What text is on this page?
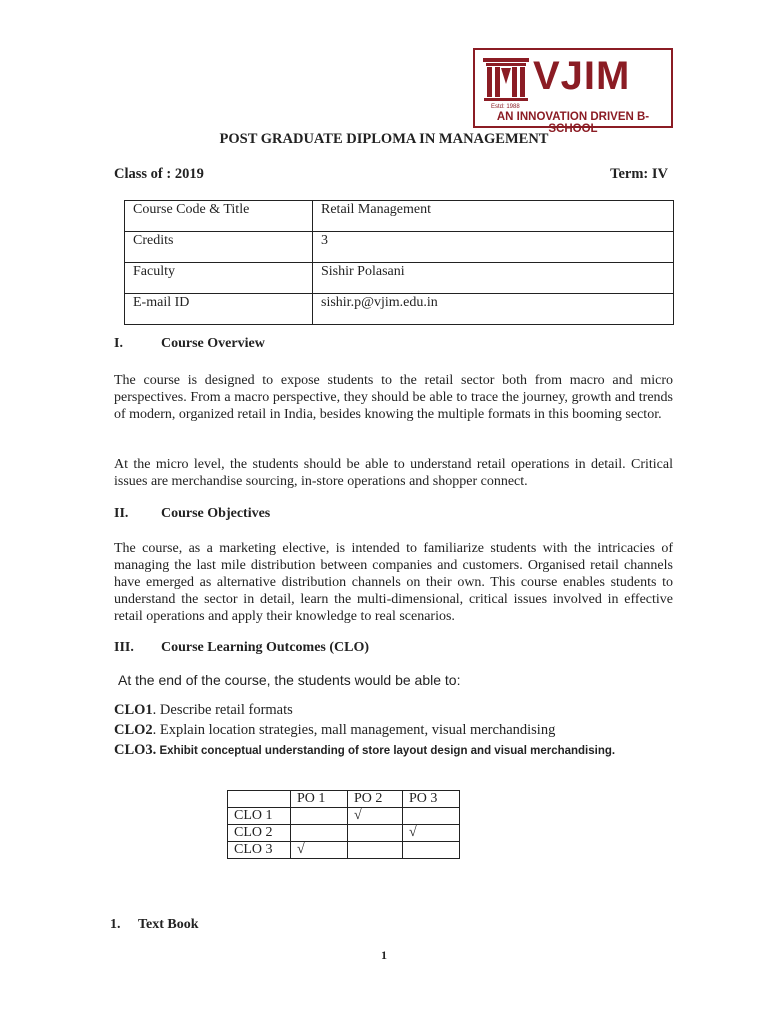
VJIM
Estd: 1988
AN INNOVATION DRIVEN B-SCHOOL
POST GRADUATE DIPLOMA IN MANAGEMENT
Class of : 2019	Term: IV
Course Code & Title	Retail Management
Credits	3
Faculty	Sishir Polasani
E-mail ID	sishir.p@vjim.edu.in
I.	Course Overview
The course is designed to expose students to the retail sector both from macro and micro perspectives. From a macro perspective, they should be able to trace the journey, growth and trends of modern, organized retail in India, besides knowing the multiple formats in this booming sector.
At the micro level, the students should be able to understand retail operations in detail. Critical issues are merchandise sourcing, in-store operations and shopper connect.
II. Course Objectives
The course, as a marketing elective, is intended to familiarize students with the intricacies of managing the last mile distribution between companies and customers. Organised retail channels have emerged as alternative distribution channels on their own. This course enables students to understand the sector in detail, learn the multi-dimensional, critical issues involved in effective retail operations and apply their knowledge to real scenarios.
III. Course Learning Outcomes (CLO)
At the end of the course, the students would be able to:
CLO1. Describe retail formats
CLO2. Explain location strategies, mall management, visual merchandising
CLO3. Exhibit conceptual understanding of store layout design and visual merchandising.
	PO 1	PO 2	PO 3
CLO 1		√	
CLO 2			√
CLO 3	√		
1. Text Book
1
